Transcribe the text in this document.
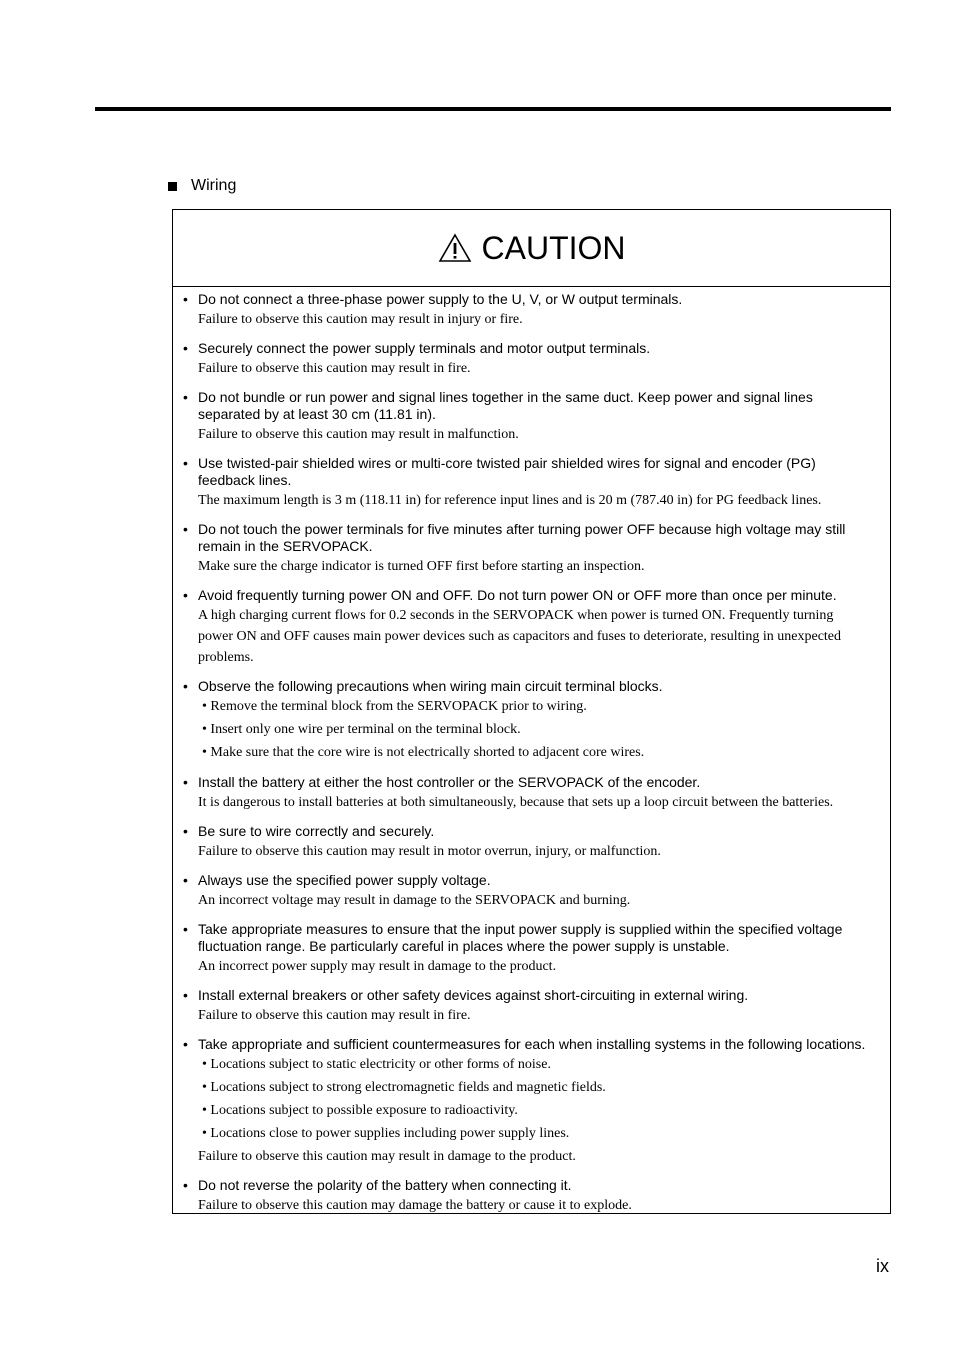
Wiring
CAUTION
• Do not connect a three-phase power supply to the U, V, or W output terminals.
Failure to observe this caution may result in injury or fire.
• Securely connect the power supply terminals and motor output terminals.
Failure to observe this caution may result in fire.
• Do not bundle or run power and signal lines together in the same duct. Keep power and signal lines separated by at least 30 cm (11.81 in).
Failure to observe this caution may result in malfunction.
• Use twisted-pair shielded wires or multi-core twisted pair shielded wires for signal and encoder (PG) feedback lines.
The maximum length is 3 m (118.11 in) for reference input lines and is 20 m (787.40 in) for PG feedback lines.
• Do not touch the power terminals for five minutes after turning power OFF because high voltage may still remain in the SERVOPACK.
Make sure the charge indicator is turned OFF first before starting an inspection.
• Avoid frequently turning power ON and OFF. Do not turn power ON or OFF more than once per minute.
A high charging current flows for 0.2 seconds in the SERVOPACK when power is turned ON. Frequently turning power ON and OFF causes main power devices such as capacitors and fuses to deteriorate, resulting in unexpected problems.
• Observe the following precautions when wiring main circuit terminal blocks.
• Remove the terminal block from the SERVOPACK prior to wiring.
• Insert only one wire per terminal on the terminal block.
• Make sure that the core wire is not electrically shorted to adjacent core wires.
• Install the battery at either the host controller or the SERVOPACK of the encoder.
It is dangerous to install batteries at both simultaneously, because that sets up a loop circuit between the batteries.
• Be sure to wire correctly and securely.
Failure to observe this caution may result in motor overrun, injury, or malfunction.
• Always use the specified power supply voltage.
An incorrect voltage may result in damage to the SERVOPACK and burning.
• Take appropriate measures to ensure that the input power supply is supplied within the specified voltage fluctuation range. Be particularly careful in places where the power supply is unstable.
An incorrect power supply may result in damage to the product.
• Install external breakers or other safety devices against short-circuiting in external wiring.
Failure to observe this caution may result in fire.
• Take appropriate and sufficient countermeasures for each when installing systems in the following locations.
• Locations subject to static electricity or other forms of noise.
• Locations subject to strong electromagnetic fields and magnetic fields.
• Locations subject to possible exposure to radioactivity.
• Locations close to power supplies including power supply lines.
Failure to observe this caution may result in damage to the product.
• Do not reverse the polarity of the battery when connecting it.
Failure to observe this caution may damage the battery or cause it to explode.
ix
